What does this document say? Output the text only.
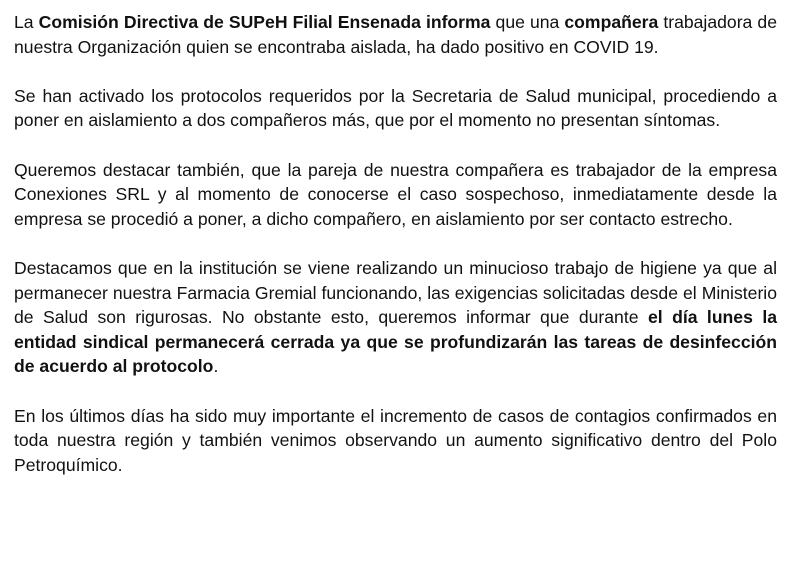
La Comisión Directiva de SUPeH Filial Ensenada informa que una compañera trabajadora de nuestra Organización quien se encontraba aislada, ha dado positivo en COVID 19.

Se han activado los protocolos requeridos por la Secretaria de Salud municipal, procediendo a poner en aislamiento a dos compañeros más, que por el momento no presentan síntomas.

Queremos destacar también, que la pareja de nuestra compañera es trabajador de la empresa Conexiones SRL y al momento de conocerse el caso sospechoso, inmediatamente desde la empresa se procedió a poner, a dicho compañero, en aislamiento por ser contacto estrecho.

Destacamos que en la institución se viene realizando un minucioso trabajo de higiene ya que al permanecer nuestra Farmacia Gremial funcionando, las exigencias solicitadas desde el Ministerio de Salud son rigurosas. No obstante esto, queremos informar que durante el día lunes la entidad sindical permanecerá cerrada ya que se profundizarán las tareas de desinfección de acuerdo al protocolo.

En los últimos días ha sido muy importante el incremento de casos de contagios confirmados en toda nuestra región y también venimos observando un aumento significativo dentro del Polo Petroquímico.
